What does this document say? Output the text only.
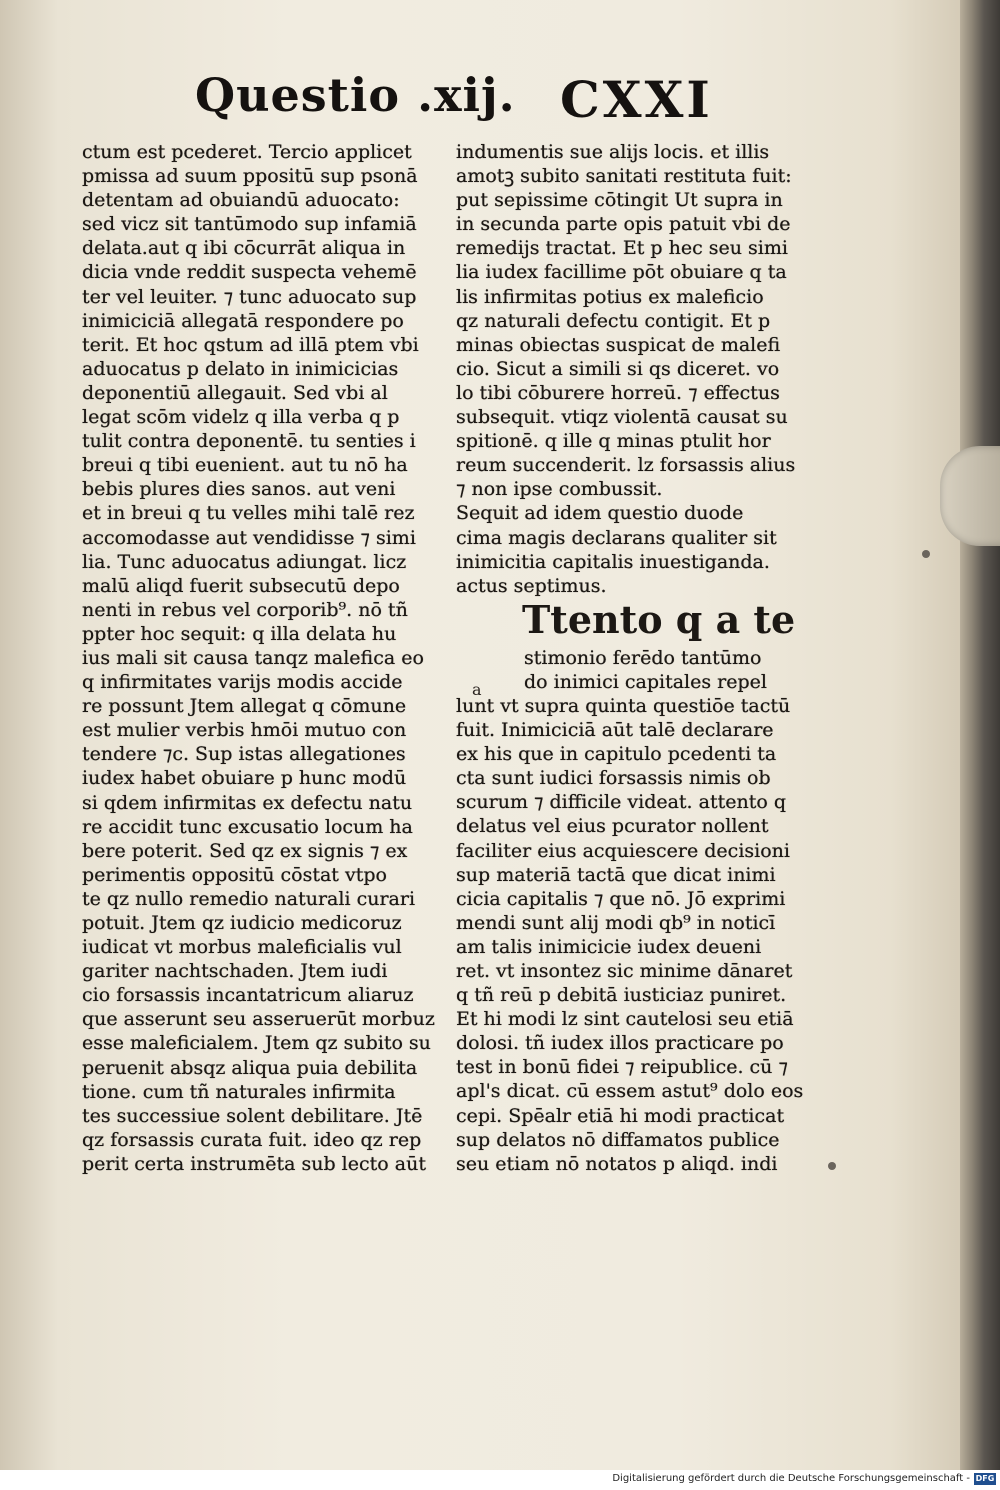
Questio .xij. CXXI
ctum est pcederet. Tercio applicet
pmissa ad suum ppositū sup psonā
detentam ad obuiandū aduocato:
sed vicz sit tantūmodo sup infamiā
delata.aut q ibi cōcurrāt aliqua in
dicia vnde reddit suspecta vehemē
ter vel leuiter. ⁊ tunc aduocato sup
inimiciciā allegatā respondere po
terit. Et hoc qstum ad illā ptem vbi
aduocatus p delato in inimicicias
deponentiū allegauit. Sed vbi al
legat scōm videlz q illa verba q p
tulit contra deponentē. tu senties i
breui q tibi euenient. aut tu nō ha
bebis plures dies sanos. aut veni
et in breui q tu velles mihi talē rez
accomodasse aut vendidisse ⁊ simi
lia. Tunc aduocatus adiungat. licz
malū aliqd fuerit subsecutū depo
nenti in rebus vel corporib⁹. nō tñ
ppter hoc sequit: q illa delata hu
ius mali sit causa tanqz malefica eo
q infirmitates varijs modis accide
re possunt Jtem allegat q cōmune
est mulier verbis hmōi mutuo con
tendere ⁊c. Sup istas allegationes
iudex habet obuiare p hunc modū
si qdem infirmitas ex defectu natu
re accidit tunc excusatio locum ha
bere poterit. Sed qz ex signis ⁊ ex
perimentis oppositū cōstat vtpo
te qz nullo remedio naturali curari
potuit. Jtem qz iudicio medicoruz
iudicat vt morbus maleficialis vul
gariter nachtschaden. Jtem iudi
cio forsassis incantatricum aliaruz
que asserunt seu asseruerūt morbuz
esse maleficialem. Jtem qz subito su
peruenit absqz aliqua puia debilita
tione. cum tñ naturales infirmita
tes successiue solent debilitare. Jtē
qz forsassis curata fuit. ideo qz rep
perit certa instrumēta sub lecto aūt
indumentis sue alijs locis. et illis
amotꝫ subito sanitati restituta fuit:
put sepissime cōtingit Ut supra in
in secunda parte opis patuit vbi de
remedijs tractat. Et p hec seu simi
lia iudex facillime pōt obuiare q ta
lis infirmitas potius ex maleficio
qz naturali defectu contigit. Et p
minas obiectas suspicat de malefi
cio. Sicut a simili si qs diceret. vo
lo tibi cōburere horreū. ⁊ effectus
subsequit. vtiqz violentā causat su
spitionē. q ille q minas ptulit hor
reum succenderit. lz forsassis alius
⁊ non ipse combussit.
Sequit ad idem questio duode
cima magis declarans qualiter sit
inimicitia capitalis inuestiganda.
actus septimus.
Ttento q a te
stimonio ferēdo tantūmo
do inimici capitales repel
lunt vt supra quinta questiōe tactū
fuit. Inimiciciā aūt talē declarare
ex his que in capitulo pcedenti ta
cta sunt iudici forsassis nimis ob
scurum ⁊ difficile videat. attento q
delatus vel eius pcurator nollent
faciliter eius acquiescere decisioni
sup materiā tactā que dicat inimi
cicia capitalis ⁊ que nō. Jō exprimi
mendi sunt alij modi qb⁹ in noticī
am talis inimicicie iudex deueni
ret. vt insontez sic minime dānaret
q tñ reū p debitā iusticiaz puniret.
Et hi modi lz sint cautelosi seu etiā
dolosi. tñ iudex illos practicare po
test in bonū fidei ⁊ reipublice. cū ⁊
apl's dicat. cū essem astut⁹ dolo eos
cepi. Spēalr etiā hi modi practicat
sup delatos nō diffamatos publice
seu etiam nō notatos p aliqd. indi
a
Digitalisierung gefördert durch die Deutsche Forschungsgemeinschaft - DFG
